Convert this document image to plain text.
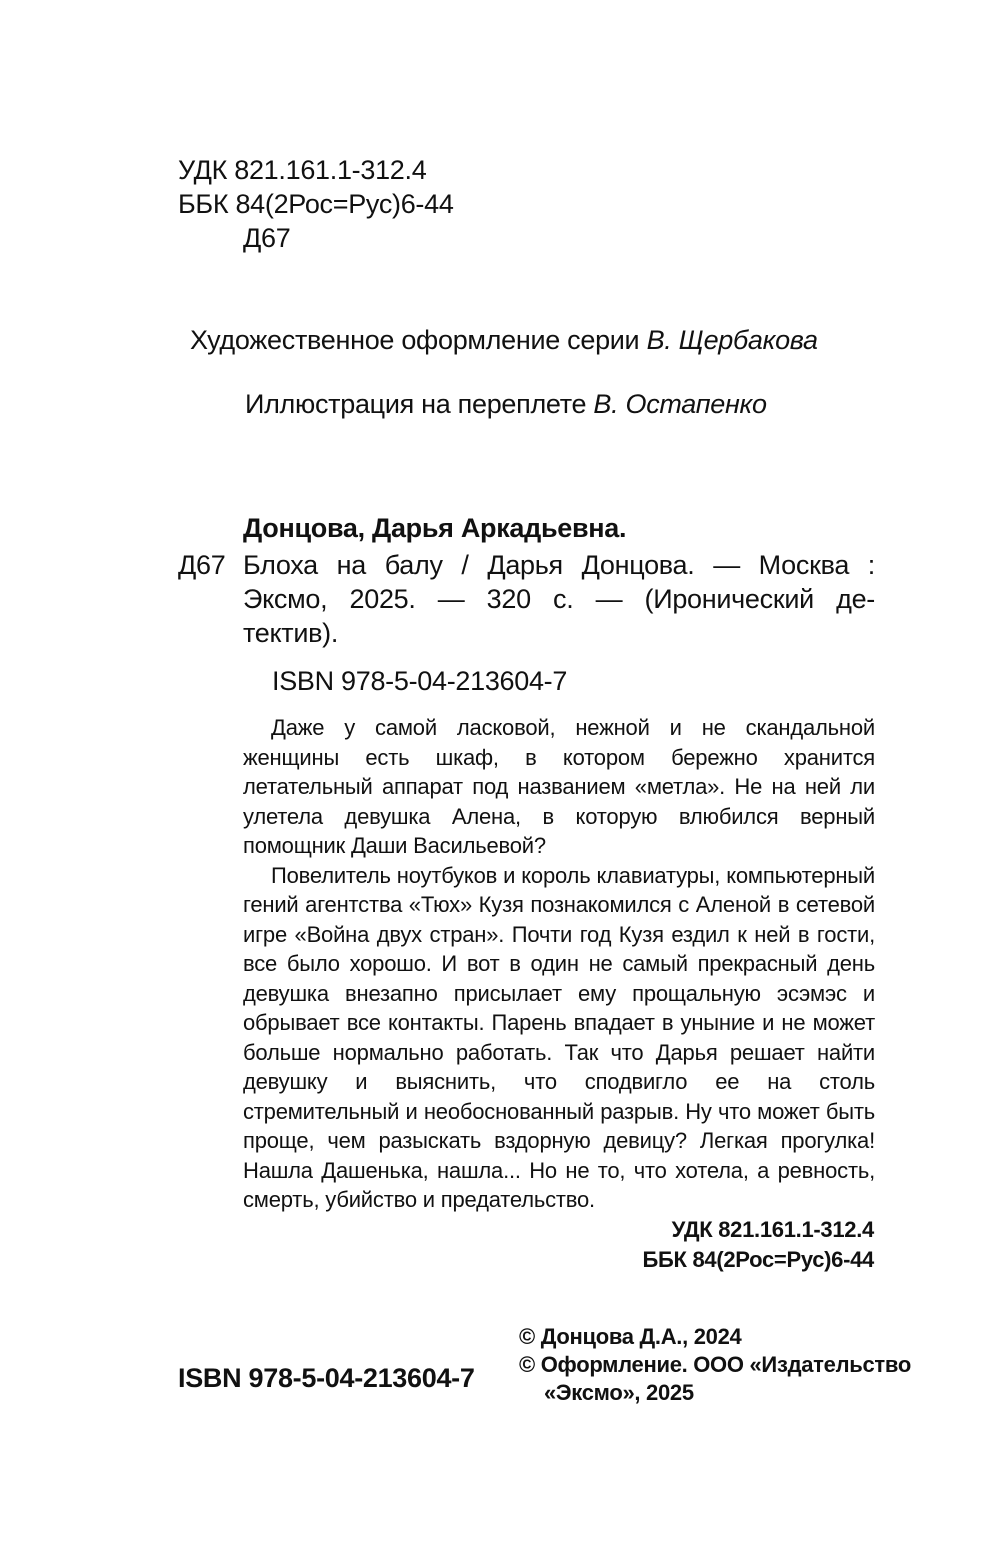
УДК 821.161.1-312.4
ББК 84(2Рос=Рус)6-44
Д67
Художественное оформление серии В. Щербакова
Иллюстрация на переплете В. Остапенко
Донцова, Дарья Аркадьевна.
Д67 Блоха на балу / Дарья Донцова. — Москва :
Эксмо, 2025. — 320 с. — (Иронический де-
тектив).
ISBN 978-5-04-213604-7

Даже у самой ласковой, нежной и не скандальной женщины есть шкаф, в котором бережно хранится летательный аппарат под названием «метла». Не на ней ли улетела девушка Алена, в которую влюбился верный помощник Даши Васильевой?

Повелитель ноутбуков и король клавиатуры, компьютерный гений агентства «Тюх» Кузя познакомился с Аленой в сетевой игре «Война двух стран». Почти год Кузя ездил к ней в гости, все было хорошо. И вот в один не самый прекрасный день девушка внезапно присылает ему прощальную эсэмэс и обрывает все контакты. Парень впадает в уныние и не может больше нормально работать. Так что Дарья решает найти девушку и выяснить, что сподвигло ее на столь стремительный и необоснованный разрыв. Ну что может быть проще, чем разыскать вздорную девицу? Легкая прогулка! Нашла Дашенька, нашла... Но не то, что хотела, а ревность, смерть, убийство и предательство.

УДК 821.161.1-312.4
ББК 84(2Рос=Рус)6-44
© Донцова Д.А., 2024
© Оформление. ООО «Издательство
«Эксмо», 2025
ISBN 978-5-04-213604-7
